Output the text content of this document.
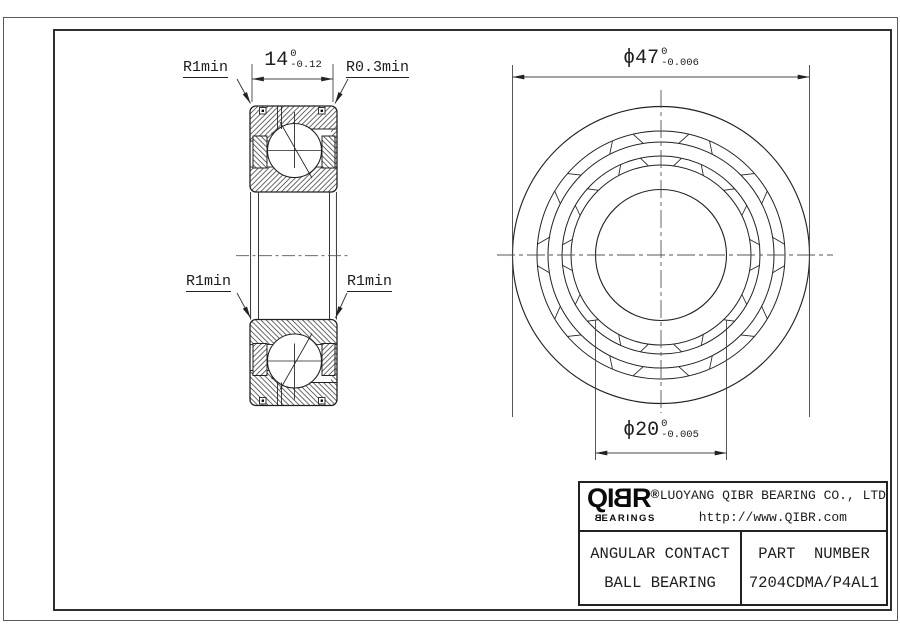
R1min	R0.3min
R1min	R1min
14 0
-0.12	ϕ47 0
-0.006
ϕ20 0
-0.005
QIBR®
BEARINGS
LUOYANG QIBR BEARING CO., LTD
http://www.QIBR.com
ANGULAR CONTACT
BALL BEARING
PART  NUMBER
7204CDMA/P4AL1
